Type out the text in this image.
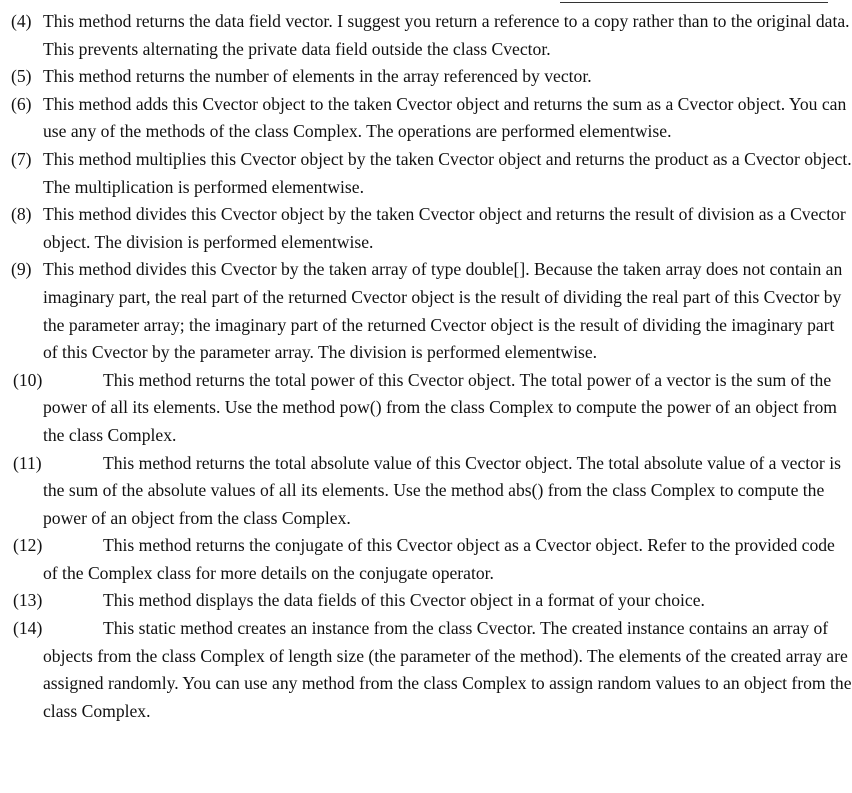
(4) This method returns the data field vector. I suggest you return a reference to a copy rather than to the original data. This prevents alternating the private data field outside the class Cvector.

(5) This method returns the number of elements in the array referenced by vector.

(6) This method adds this Cvector object to the taken Cvector object and returns the sum as a Cvector object. You can use any of the methods of the class Complex. The operations are performed elementwise.

(7) This method multiplies this Cvector object by the taken Cvector object and returns the product as a Cvector object. The multiplication is performed elementwise.

(8) This method divides this Cvector object by the taken Cvector object and returns the result of division as a Cvector object. The division is performed elementwise.

(9) This method divides this Cvector by the taken array of type double[]. Because the taken array does not contain an imaginary part, the real part of the returned Cvector object is the result of dividing the real part of this Cvector by the parameter array; the imaginary part of the returned Cvector object is the result of dividing the imaginary part of this Cvector by the parameter array. The division is performed elementwise.

(10)	This method returns the total power of this Cvector object. The total power of a vector is the sum of the power of all its elements. Use the method pow() from the class Complex to compute the power of an object from the class Complex.

(11)	This method returns the total absolute value of this Cvector object. The total absolute value of a vector is the sum of the absolute values of all its elements. Use the method abs() from the class Complex to compute the power of an object from the class Complex.

(12)	This method returns the conjugate of this Cvector object as a Cvector object. Refer to the provided code of the Complex class for more details on the conjugate operator.

(13)	This method displays the data fields of this Cvector object in a format of your choice.

(14)	This static method creates an instance from the class Cvector. The created instance contains an array of objects from the class Complex of length size (the parameter of the method). The elements of the created array are assigned randomly. You can use any method from the class Complex to assign random values to an object from the class Complex.
